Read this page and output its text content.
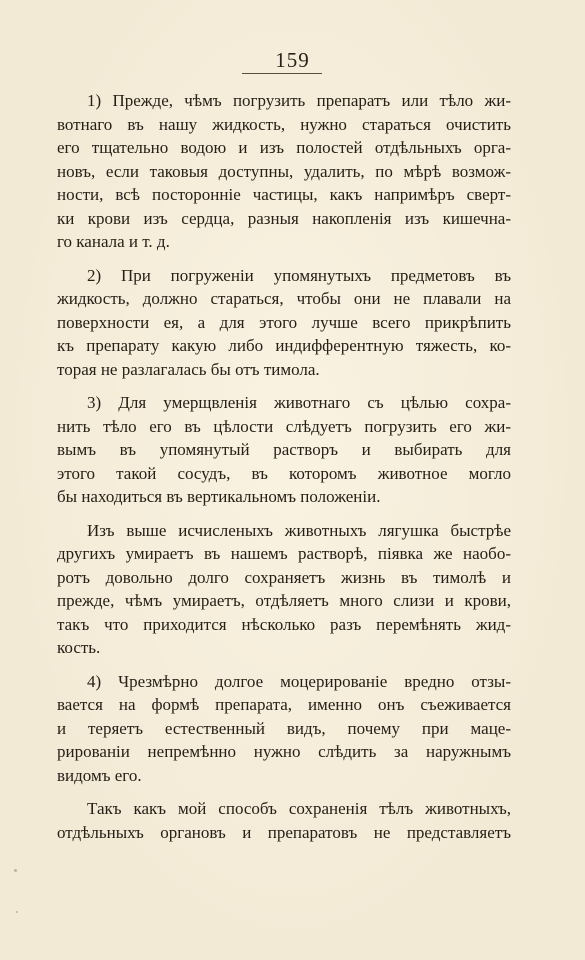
159
1) Прежде, чѣмъ погрузить препаратъ или тѣло жи-
вотнаго въ нашу жидкость, нужно стараться очистить
его тщательно водою и изъ полостей отдѣльныхъ орга-
новъ, если таковыя доступны, удалить, по мѣрѣ возмож-
ности, всѣ посторонніе частицы, какъ напримѣръ сверт-
ки крови изъ сердца, разныя накопленія изъ кишечна-
го канала и т. д.
2) При погруженіи упомянутыхъ предметовъ въ
жидкость, должно стараться, чтобы они не плавали на
поверхности ея, а для этого лучше всего прикрѣпить
къ препарату какую либо индифферентную тяжесть, ко-
торая не разлагалась бы отъ тимола.
3) Для умерщвленія животнаго съ цѣлью сохра-
нить тѣло его въ цѣлости слѣдуетъ погрузить его жи-
вымъ въ упомянутый растворъ и выбирать для
этого такой сосудъ, въ которомъ животное могло
бы находиться въ вертикальномъ положеніи.
Изъ выше исчисленыхъ животныхъ лягушка быстрѣе
другихъ умираетъ въ нашемъ растворѣ, піявка же наобо-
ротъ довольно долго сохраняетъ жизнь въ тимолѣ и
прежде, чѣмъ умираетъ, отдѣляетъ много слизи и крови,
такъ что приходится нѣсколько разъ перемѣнять жид-
кость.
4) Чрезмѣрно долгое моцерированіе вредно отзы-
вается на формѣ препарата, именно онъ съеживается
и теряетъ естественный видъ, почему при маце-
рированіи непремѣнно нужно слѣдить за наружнымъ
видомъ его.
Такъ какъ мой способъ сохраненія тѣлъ животныхъ,
отдѣльныхъ органовъ и препаратовъ не представляетъ
